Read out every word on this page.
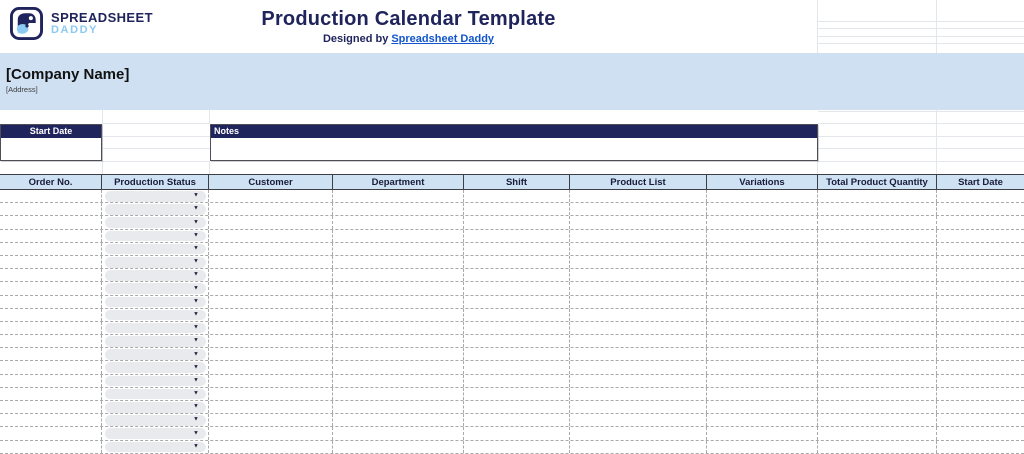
SPREADSHEET
DADDY	Production Calendar Template
Designed by Spreadsheet Daddy
[Company Name]
[Address]
Start Date	Notes
Order No.	Production Status	Customer	Department	Shift	Product List	Variations	Total Product Quantity	Start Date
▼
▼
▼
▼
▼
▼
▼
▼
▼
▼
▼
▼
▼
▼
▼
▼
▼
▼
▼
▼
